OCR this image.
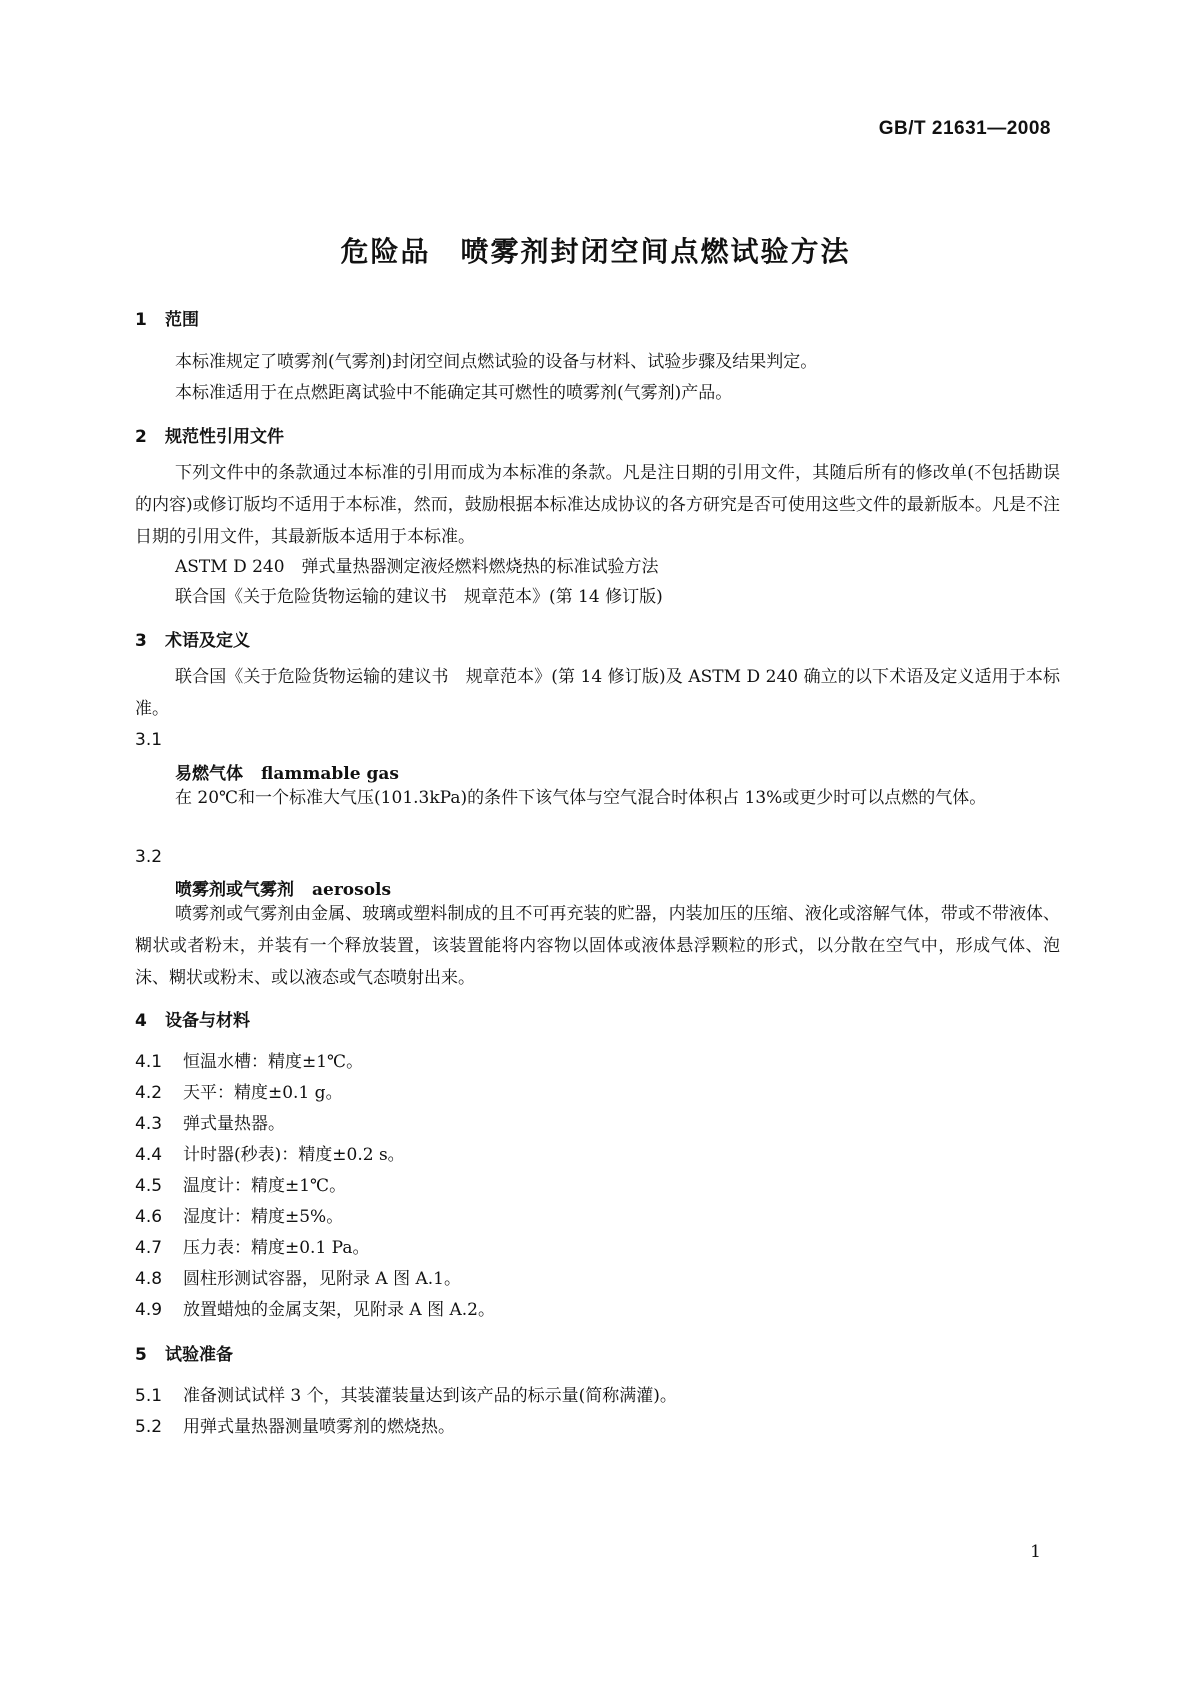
GB/T 21631—2008
危险品　喷雾剂封闭空间点燃试验方法
1 范围
本标准规定了喷雾剂(气雾剂)封闭空间点燃试验的设备与材料、试验步骤及结果判定。
本标准适用于在点燃距离试验中不能确定其可燃性的喷雾剂(气雾剂)产品。
2 规范性引用文件
下列文件中的条款通过本标准的引用而成为本标准的条款。凡是注日期的引用文件，其随后所有的修改单(不包括勘误的内容)或修订版均不适用于本标准，然而，鼓励根据本标准达成协议的各方研究是否可使用这些文件的最新版本。凡是不注日期的引用文件，其最新版本适用于本标准。
ASTM D 240　弹式量热器测定液烃燃料燃烧热的标准试验方法
联合国《关于危险货物运输的建议书　规章范本》(第 14 修订版)
3 术语及定义
联合国《关于危险货物运输的建议书　规章范本》(第 14 修订版)及 ASTM D 240 确立的以下术语及定义适用于本标准。
3.1
易燃气体 flammable gas
在 20℃和一个标准大气压(101.3kPa)的条件下该气体与空气混合时体积占 13%或更少时可以点燃的气体。
3.2
喷雾剂或气雾剂 aerosols
喷雾剂或气雾剂由金属、玻璃或塑料制成的且不可再充装的贮器，内装加压的压缩、液化或溶解气体，带或不带液体、糊状或者粉末，并装有一个释放装置，该装置能将内容物以固体或液体悬浮颗粒的形式，以分散在空气中，形成气体、泡沫、糊状或粉末、或以液态或气态喷射出来。
4 设备与材料
4.1 恒温水槽：精度±1℃。
4.2 天平：精度±0.1 g。
4.3 弹式量热器。
4.4 计时器(秒表)：精度±0.2 s。
4.5 温度计：精度±1℃。
4.6 湿度计：精度±5%。
4.7 压力表：精度±0.1 Pa。
4.8 圆柱形测试容器，见附录 A 图 A.1。
4.9 放置蜡烛的金属支架，见附录 A 图 A.2。
5 试验准备
5.1 准备测试试样 3 个，其装灌装量达到该产品的标示量(简称满灌)。
5.2 用弹式量热器测量喷雾剂的燃烧热。
1
